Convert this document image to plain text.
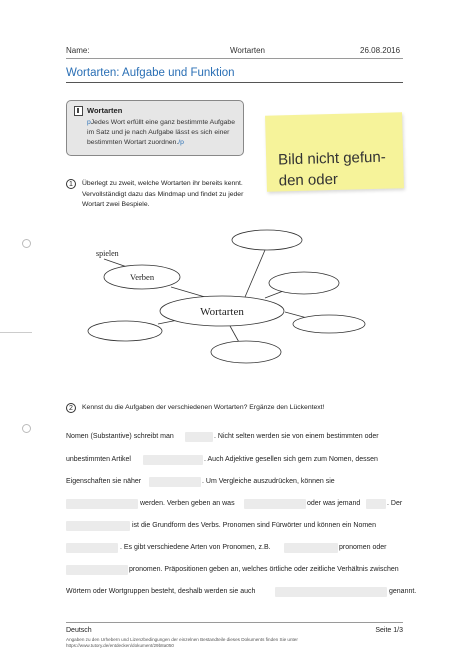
Name:	Wortarten	26.08.2016
Wortarten: Aufgabe und Funktion
Wortarten
pJedes Wort erfüllt eine ganz bestimmte Aufgabe im Satz und je nach Aufgabe lässt es sich einer bestimmten Wortart zuordnen./p
Bild nicht gefun- den oder
1	Überlegt zu zweit, welche Wortarten ihr bereits kennt. Vervollständigt dazu das Mindmap und findet zu jeder Wortart zwei Bespiele.
spielen
Verben
Wortarten
2	Kennst du die Aufgaben der verschiedenen Wortarten? Ergänze den Lückentext!
Nomen (Substantive) schreibt man	. Nicht selten werden sie von einem bestimmten oder
unbestimmten Artikel	. Auch Adjektive gesellen sich gern zum Nomen, dessen
Eigenschaften sie näher	. Um Vergleiche auszudrücken, können sie
werden. Verben geben an was	oder was jemand	. Der
ist die Grundform des Verbs. Pronomen sind Fürwörter und können ein Nomen
. Es gibt verschiedene Arten von Pronomen, z.B.	pronomen oder
pronomen. Präpositionen geben an, welches örtliche oder zeitliche Verhältnis zwischen
Wörtern oder Wortgruppen besteht, deshalb werden sie auch	genannt.
Deutsch	Seite 1/3
Angaben zu den Urhebern und Lizenzbedingungen der einzelnen Bestandteile dieses Dokuments finden Sie unter
https://www.tutory.de/entdecken/dokument/29b8a050
